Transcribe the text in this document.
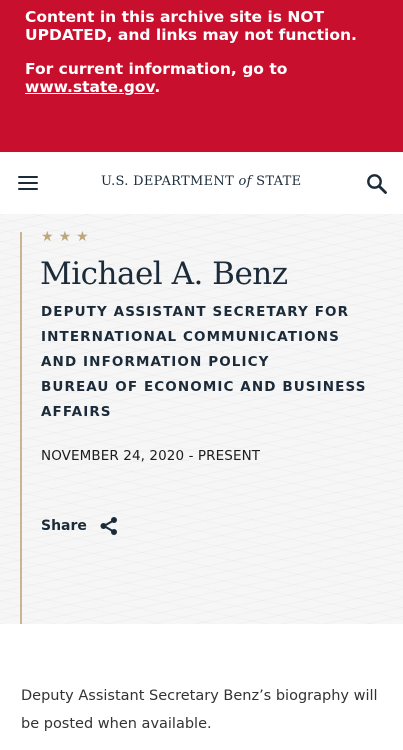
Content in this archive site is NOT UPDATED, and links may not function.

For current information, go to www.state.gov.

U.S. DEPARTMENT of STATE
★★★
Michael A. Benz
DEPUTY ASSISTANT SECRETARY FOR
INTERNATIONAL COMMUNICATIONS
AND INFORMATION POLICY
BUREAU OF ECONOMIC AND BUSINESS
AFFAIRS
NOVEMBER 24, 2020 - PRESENT
Share

Deputy Assistant Secretary Benz’s biography will be posted when available.
